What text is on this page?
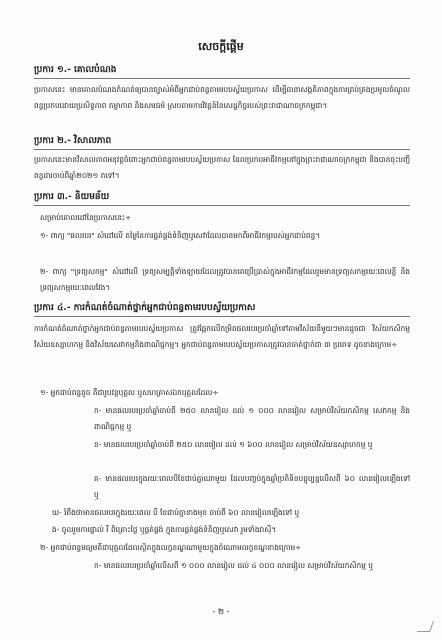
សេចក្តីផ្តើម
ប្រការ ១.- គោលបំណង
ប្រកាសនេះ មានគោលបំណងកំណត់ឲ្យបានច្បាស់អំពីអ្នកជាប់ពន្ធតាមរបបស្វ័យប្រកាស ដើម្បីធានាសង្គតិភាពក្នុងការគ្រប់គ្រងប្រមូលចំណូលពន្ធប្រកបដោយប្រសិទ្ធភាព តម្លាភាព និងសមធម៌ ស្របតាមការវិវត្តន៍នៃសេដ្ឋកិច្ចរបស់ព្រះរាជាណាចក្រកម្ពុជា។
ប្រការ ២.- វិសាលភាព
ប្រកាសនេះមានវិសាលភាពអនុវត្តចំពោះអ្នកជាប់ពន្ធតាមរបបស្វ័យប្រកាស ដែលប្រកបអាជីវកម្មនៅក្នុងព្រះរាជាណាចក្រកម្ពុជា និងបានចុះបញ្ជីពន្ធដារចាប់ពីឆ្នាំ២០២១ តទៅ។
ប្រការ ៣.- និយមន័យ
សម្រាប់គោលដៅនៃប្រកាសនេះ÷
១- ពាក្យ "ផលរបរ" សំដៅលើ តម្លៃនៃការផ្គត់ផ្គង់ទំនិញឬសេវាដែលបានមកពីអាជីវកម្មរបស់អ្នកជាប់ពន្ធ។
២- ពាក្យ "ទ្រព្យសកម្ម" សំដៅលើ ទ្រព្យសម្បត្តិទាំងឡាយដែលត្រូវបានគេប្រើប្រាស់ក្នុងអាជីវកម្មដែលរួមមានទ្រព្យសកម្មរយៈពេលខ្លី និងទ្រព្យសកម្មរយៈពេលវែង។
ប្រការ ៤.- ការកំណត់ចំណាត់ថ្នាក់អ្នកជាប់ពន្ធតាមរបបស្វ័យប្រកាស
ការកំណត់ចំណាត់ថ្នាក់អ្នកជាប់ពន្ធតាមរបបស្វ័យប្រកាស ត្រូវផ្អែកលើកម្រិតផលរបរប្រចាំឆ្នាំទៅតាមវិស័យនីមួយៗមានដូចជា វិស័យកសិកម្ម វិស័យឧស្សាហកម្ម និងវិស័យសេវាកម្មនិងពាណិជ្ជកម្ម។ អ្នកជាប់ពន្ធតាមរបបស្វ័យប្រកាសត្រូវបានចាត់ថ្នាក់ជា ៣ ប្រភេទ ដូចខាងក្រោម÷
១- អ្នកជាប់ពន្ធតូច គឺជារូបវន្តបុគ្គល ឬសហគ្រាសឯកបុគ្គលដែល÷
ក- មានផលរបរប្រចាំឆ្នាំចាប់ពី ២៥០ លានរៀល ដល់ ១ ០០០ លានរៀល សម្រាប់វិស័យកសិកម្ម សេវាកម្ម និងពាណិជ្ជកម្ម ឬ
ខ- មានផលរបរប្រចាំឆ្នាំចាប់ពី ២៥០ លានរៀល ដល់ ១ ៦០០ លានរៀល សម្រាប់វិស័យឧស្សាហកម្ម ឬ
គ- មានផលរបរក្នុងរយៈពេលបីខែជាប់គ្នាណាមួយ ដែលបញ្ចប់ក្នុងឆ្នាំប្រតិទិនបច្ចុប្បន្នលើសពី ៦០ លានរៀលឡើងទៅ ឬ
ឃ- រំពឹងថាមានផលរបរក្នុងរយៈពេល បី ខែជាប់គ្នាខាងមុខ ចាប់ពី ៦០ លានរៀលឡើងទៅ ឬ
ង- ចូលរួមការផ្ទាល់ រឺ ពិគ្រោះថ្លៃ ឬផ្គត់ផ្គង់ ក្នុងការផ្គត់ផ្គង់ទំនិញឬសេវា រួមទាំងរាស៊ី។
២- អ្នកជាប់ពន្ធមធ្យមគឺជាបុគ្គលដែលស្ថិតក្នុងលក្ខខណ្ឌណាមួយក្នុងចំណោមលក្ខខណ្ឌខាងក្រោម÷
ក- មានផលរបរប្រចាំឆ្នាំលើសពី ១ ០០០ លានរៀល ដល់ ៤ ០០០ លានរៀល សម្រាប់វិស័យកសិកម្ម ឬ
- ២ -
